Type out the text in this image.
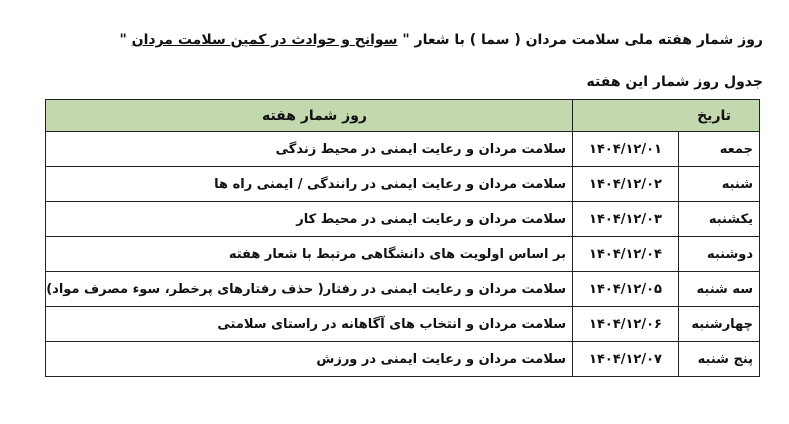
روز شمار هفته ملی سلامت مردان ( سما ) با شعار " سوانح و حوادث در کمین سلامت مردان "
جدول روز شمار این هفته
تاریخ		روز شمار هفته
جمعه	۱۴۰۴/۱۲/۰۱	سلامت مردان و رعایت ایمنی در محیط زندگی
شنبه	۱۴۰۴/۱۲/۰۲	سلامت مردان و رعایت ایمنی در رانندگی / ایمنی راه ها
یکشنبه	۱۴۰۴/۱۲/۰۳	سلامت مردان و رعایت ایمنی در محیط کار
دوشنبه	۱۴۰۴/۱۲/۰۴	بر اساس اولویت های دانشگاهی مرتبط با شعار هفته
سه شنبه	۱۴۰۴/۱۲/۰۵	سلامت مردان و رعایت ایمنی در رفتار( حذف رفتارهای پرخطر، سوء مصرف مواد)
چهارشنبه	۱۴۰۴/۱۲/۰۶	سلامت مردان و انتخاب های آگاهانه در راستای سلامتی
پنج شنبه	۱۴۰۴/۱۲/۰۷	سلامت مردان و رعایت ایمنی در ورزش
